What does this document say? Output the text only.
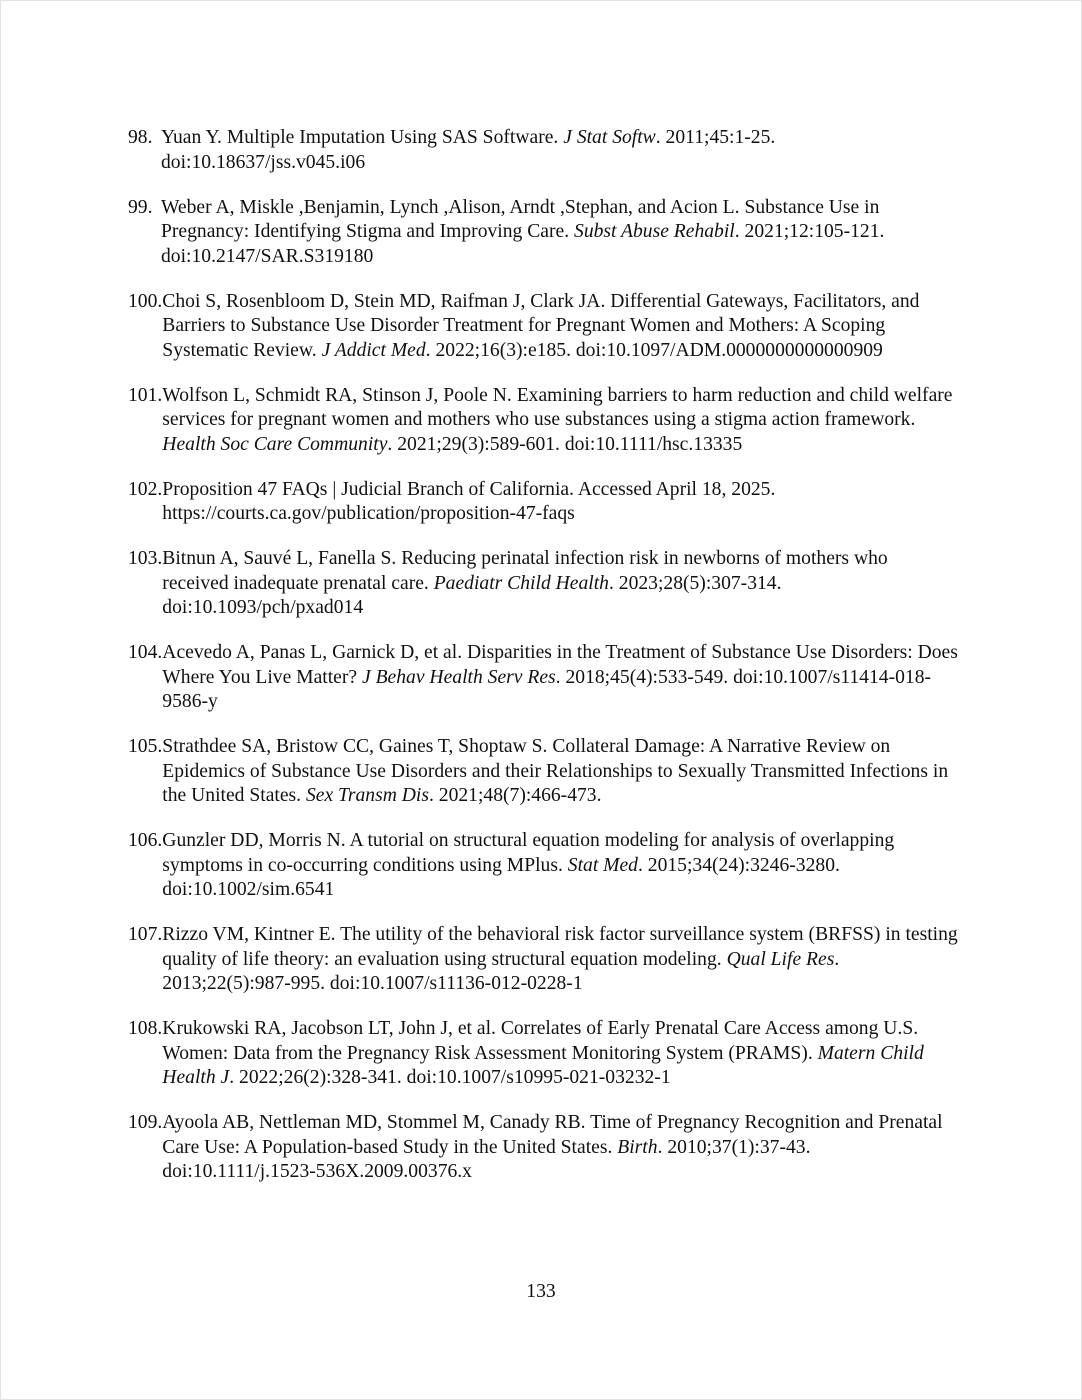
98. Yuan Y. Multiple Imputation Using SAS Software. J Stat Softw. 2011;45:1-25. doi:10.18637/jss.v045.i06
99. Weber A, Miskle ,Benjamin, Lynch ,Alison, Arndt ,Stephan, and Acion L. Substance Use in Pregnancy: Identifying Stigma and Improving Care. Subst Abuse Rehabil. 2021;12:105-121. doi:10.2147/SAR.S319180
100. Choi S, Rosenbloom D, Stein MD, Raifman J, Clark JA. Differential Gateways, Facilitators, and Barriers to Substance Use Disorder Treatment for Pregnant Women and Mothers: A Scoping Systematic Review. J Addict Med. 2022;16(3):e185. doi:10.1097/ADM.0000000000000909
101. Wolfson L, Schmidt RA, Stinson J, Poole N. Examining barriers to harm reduction and child welfare services for pregnant women and mothers who use substances using a stigma action framework. Health Soc Care Community. 2021;29(3):589-601. doi:10.1111/hsc.13335
102. Proposition 47 FAQs | Judicial Branch of California. Accessed April 18, 2025. https://courts.ca.gov/publication/proposition-47-faqs
103. Bitnun A, Sauvé L, Fanella S. Reducing perinatal infection risk in newborns of mothers who received inadequate prenatal care. Paediatr Child Health. 2023;28(5):307-314. doi:10.1093/pch/pxad014
104. Acevedo A, Panas L, Garnick D, et al. Disparities in the Treatment of Substance Use Disorders: Does Where You Live Matter? J Behav Health Serv Res. 2018;45(4):533-549. doi:10.1007/s11414-018-9586-y
105. Strathdee SA, Bristow CC, Gaines T, Shoptaw S. Collateral Damage: A Narrative Review on Epidemics of Substance Use Disorders and their Relationships to Sexually Transmitted Infections in the United States. Sex Transm Dis. 2021;48(7):466-473.
106. Gunzler DD, Morris N. A tutorial on structural equation modeling for analysis of overlapping symptoms in co-occurring conditions using MPlus. Stat Med. 2015;34(24):3246-3280. doi:10.1002/sim.6541
107. Rizzo VM, Kintner E. The utility of the behavioral risk factor surveillance system (BRFSS) in testing quality of life theory: an evaluation using structural equation modeling. Qual Life Res. 2013;22(5):987-995. doi:10.1007/s11136-012-0228-1
108. Krukowski RA, Jacobson LT, John J, et al. Correlates of Early Prenatal Care Access among U.S. Women: Data from the Pregnancy Risk Assessment Monitoring System (PRAMS). Matern Child Health J. 2022;26(2):328-341. doi:10.1007/s10995-021-03232-1
109. Ayoola AB, Nettleman MD, Stommel M, Canady RB. Time of Pregnancy Recognition and Prenatal Care Use: A Population-based Study in the United States. Birth. 2010;37(1):37-43. doi:10.1111/j.1523-536X.2009.00376.x
133
